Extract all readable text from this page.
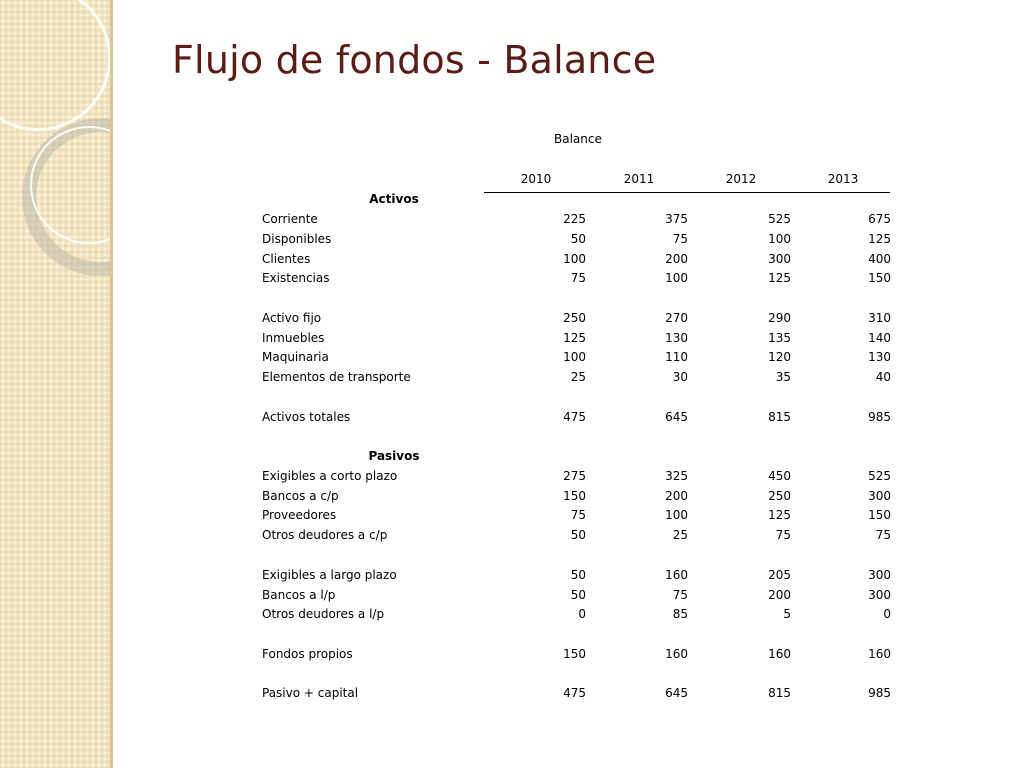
Flujo de fondos - Balance
Balance
2010	2011	2012	2013
Activos
Corriente	225	375	525	675
Disponibles	50	75	100	125
Clientes	100	200	300	400
Existencias	75	100	125	150
Activo fijo	250	270	290	310
Inmuebles	125	130	135	140
Maquinaria	100	110	120	130
Elementos de transporte	25	30	35	40
Activos totales	475	645	815	985
Pasivos
Exigibles a corto plazo	275	325	450	525
Bancos a c/p	150	200	250	300
Proveedores	75	100	125	150
Otros deudores a c/p	50	25	75	75
Exigibles a largo plazo	50	160	205	300
Bancos a l/p	50	75	200	300
Otros deudores a l/p	0	85	5	0
Fondos propios	150	160	160	160
Pasivo + capital	475	645	815	985
